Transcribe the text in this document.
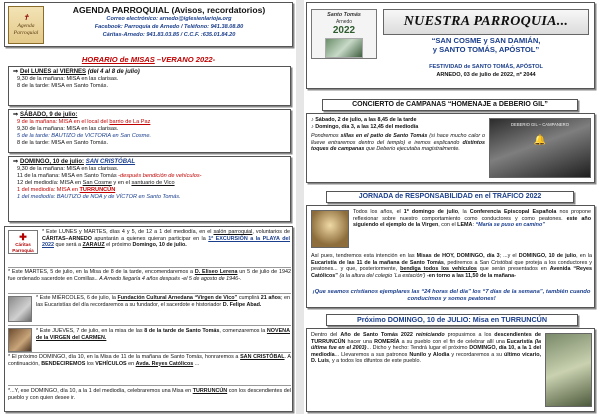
✝
Agenda
Parroquial
AGENDA PARROQUIAL (Avisos, recordatorios)
Correo electrónico: arnedo@iglesienlarioja.org
Facebook: Parroquia de Arnedo / Teléfono: 941.38.08.80
Cáritas-Arnedo: 941.83.03.85 / C.C.F. :635.01.84.20
HORARIO de MISAS –VERANO 2022-
⇒ Del LUNES al VIERNES (del 4 al 8 de julio)
9,30 de la mañana: MISA en las clarisas.
8 de la tarde: MISA en Santo Tomás.
⇒ SÁBADO, 9 de julio:
9 de la mañana: MISA en el local del barrio de La Paz
9,30 de la mañana: MISA en las clarisas.
5 de la tarde: BAUTIZO de VICTORIA en San Cosme.
8 de la tarde: MISA en Santo Tomás.
⇒ DOMINGO, 10 de julio: SAN CRISTÓBAL
9,30 de la mañana: MISA en las clarisas.
11 de la mañana: MISA en Santo Tomás -después bendición de vehículos-
12 del mediodía: MISA en San Cosme y en el santuario de Vico
1 del mediodía: MISA en TURRUNCÚN
1 del mediodía: BAUTIZO de NOA y de VÍCTOR en Santo Tomás.
✚
Cáritas
Parroquia
* Este LUNES y MARTES, días 4 y 5, de 12 a 1 del mediodía, en el salón parroquial, voluntarios de CÁRITAS–ARNEDO apuntarán a quienes quieran participar en la 1ª EXCURSIÓN a la PLAYA del 2022 que será a ZARAUZ el próximo Domingo, 10 de julio.
* Este MARTES, 5 de julio, en la Misa de 8 de la tarde, encomendaremos a D. Eliseo Lerena un 5 de julio de 1942 fue ordenado sacerdote en Comillas.. A Arnedo llegaría 4 años después -el 5 de agosto de 1946-.
* Este MIÉRCOLES, 6 de julio, la Fundación Cultural Arnedana “Virgen de Vico” cumplirá 21 años; en las Eucaristías del día recordaremos a su fundador, el sacerdote e historiador D. Felipe Abad.
* Este JUEVES, 7 de julio, en la misa de las 8 de la tarde de Santo Tomás, comenzaremos la NOVENA de la VIRGEN del CARMEN.
* El próximo DOMINGO, día 10, en la Misa de 11 de la mañana de Santo Tomás, honraremos a SAN CRISTÓBAL. A continuación, BENDECIREMOS los VEHÍCULOS en Avda. Reyes Católicos ...
*...Y, ese DOMINGO, día 10, a la 1 del mediodía, celebraremos una Misa en TURRUNCÚN con los descendientes del pueblo y con quien desee ir.
Santo Tomás
Arnedo
2022
NUESTRA PARROQUIA...
“SAN COSME y SAN DAMIÁN,
y SANTO TOMÁS, APÓSTOL”
FESTIVIDAD de SANTO TOMÁS, APÓSTOL
ARNEDO, 03 de julio de 2022, nº 2044
CONCIERTO de CAMPANAS “HOMENAJE a DEBERIO GIL”
♪ Sábado, 2 de julio, a las 8,45 de la tarde
♪ Domingo, día 3, a las 12,45 del mediodía
Pondremos sillas en el patio de Santo Tomás (si hace mucho calor o llueve entraremos dentro del templo) e iremos explicando distintos toques de campanas que Deberio ejecutaba magistralmente.
DEBERIO GIL – CAMPANERO
🔔
JORNADA de RESPONSABILIDAD en el TRÁFICO 2022
Todos los años, el 1º domingo de julio, la Conferencia Episcopal Española nos propone reflexionar sobre nuestro comportamiento como conductores y como peatones. este año siguiendo el ejemplo de la Virgen, con el LEMA: “María se puso en camino”
Así pues, tendremos esta intención en las Misas de HOY, DOMINGO, día 3; ...y el DOMINGO, 10 de julio, en la Eucaristía de las 11 de la mañana de Santo Tomás, pediremos a San Cristóbal que proteja a los conductores y peatones... y que, posteriormente, bendiga todos los vehículos que serán presentados en Avenida “Reyes Católicos” (a la altura del colegio ‘La estación’) -en torno a las 11,50 de la mañana-
¡Que seamos cristianos ejemplares las “24 horas del día” los “7 días de la semana”, también cuando conducimos y somos peatones!
Próximo DOMINGO, 10 de JULIO: Misa en TURRUNCÚN
Dentro del Año de Santo Tomás 2022 reiniciando propusimos a los descendientes de TURRUNCÚN hacer una ROMERÍA a su pueblo con el fin de celebrar allí una Eucaristía (la última fue en el 2003)... Dicho y hecho: Tendrá lugar el próximo DOMINGO, día 10, a la 1 del mediodía... Llevaremos a sus patronos Nunilo y Alodia y recordaremos a su último vicario, D. Luis, y a todos los difuntos de este pueblo.
